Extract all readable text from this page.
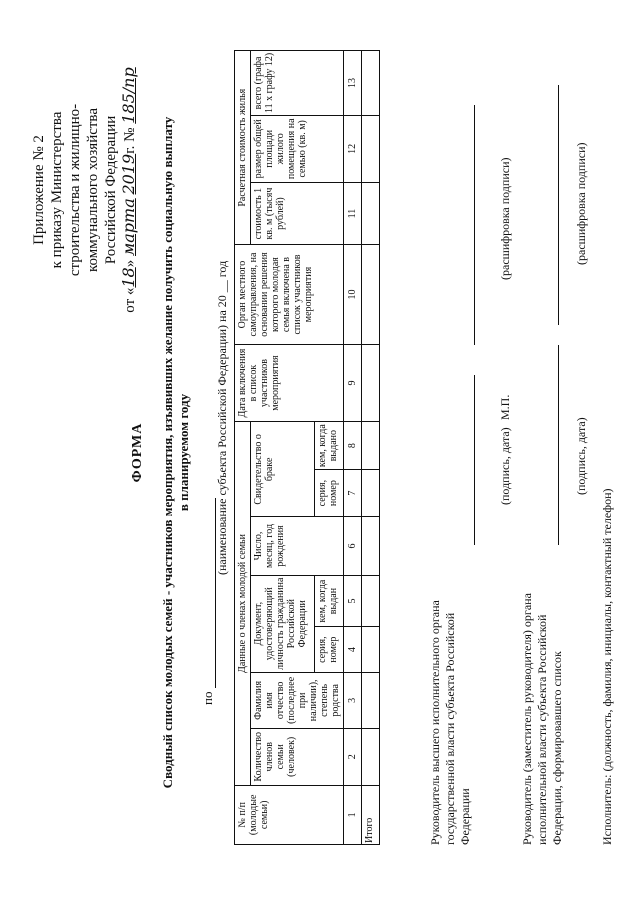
Приложение № 2 к приказу Министерства строительства и жилищно- коммунального хозяйства Российской Федерации
от «18» марта 2019г. № 185/пр
ФОРМА Сводный список молодых семей - участников мероприятия, изъявивших желание получить социальную выплату в планируемом году
по
(наименование субъекта Российской Федерации) на 20 __ год
№ п/п (молодые семьи)	Данные о членах молодой семьи							Дата включения в список участников мероприятия	Орган местного самоуправления, на основании решения которого молодая семья включена в список участников мероприятия	Расчетная стоимость жилья		
	Количество членов семьи (человек)	Фамилия имя отчество (последнее при наличии), степень родства	Документ, удостоверяющий личность гражданина Российской Федерации		Число, месяц, год рождения	Свидетельство о браке				стоимость 1 кв. м (тысяч рублей)	размер общей площади жилого помещения на семью (кв. м)	всего (графа 11 x графу 12)
			серия, номер	кем, когда выдан		серия, номер	кем, когда выдано					
1	2	3	4	5	6	7	8	9	10	11	12	13
Итого													Руководитель высшего исполнительного органа государственной власти субъекта Российской Федерации
(подпись, дата)
М.П.
(расшифровка подписи)
Руководитель (заместитель руководителя) органа исполнительной власти субъекта Российской Федерации, сформировавшего список
(подпись, дата)
(расшифровка подписи)
Исполнитель: (должность, фамилия, инициалы, контактный телефон)
